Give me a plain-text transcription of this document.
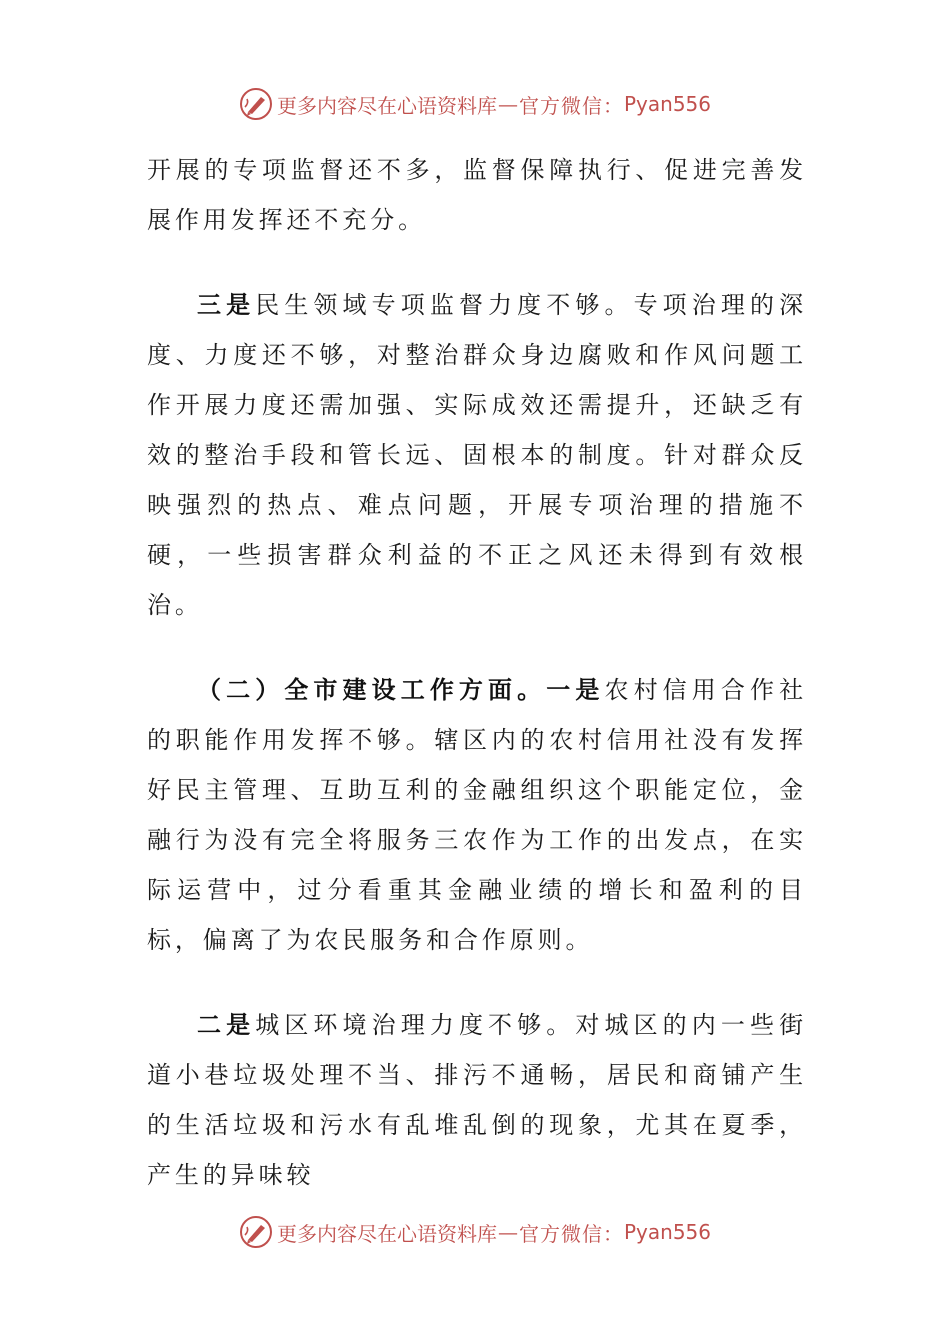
更多内容尽在心语资料库 — 官方微信： Pyan556

开展的专项监督还不多，监督保障执行、促进完善发展作用发挥还不充分。

三是民生领域专项监督力度不够。专项治理的深度、力度还不够，对整治群众身边腐败和作风问题工作开展力度还需加强、实际成效还需提升，还缺乏有效的整治手段和管长远、固根本的制度。针对群众反映强烈的热点、难点问题，开展专项治理的措施不硬，一些损害群众利益的不正之风还未得到有效根治。

（二）全市建设工作方面。一是农村信用合作社的职能作用发挥不够。辖区内的农村信用社没有发挥好民主管理、互助互利的金融组织这个职能定位，金融行为没有完全将服务三农作为工作的出发点，在实际运营中，过分看重其金融业绩的增长和盈利的目标，偏离了为农民服务和合作原则。

二是城区环境治理力度不够。对城区的内一些街道小巷垃圾处理不当、排污不通畅，居民和商铺产生的生活垃圾和污水有乱堆乱倒的现象，尤其在夏季，产生的异味较

更多内容尽在心语资料库 — 官方微信： Pyan556
